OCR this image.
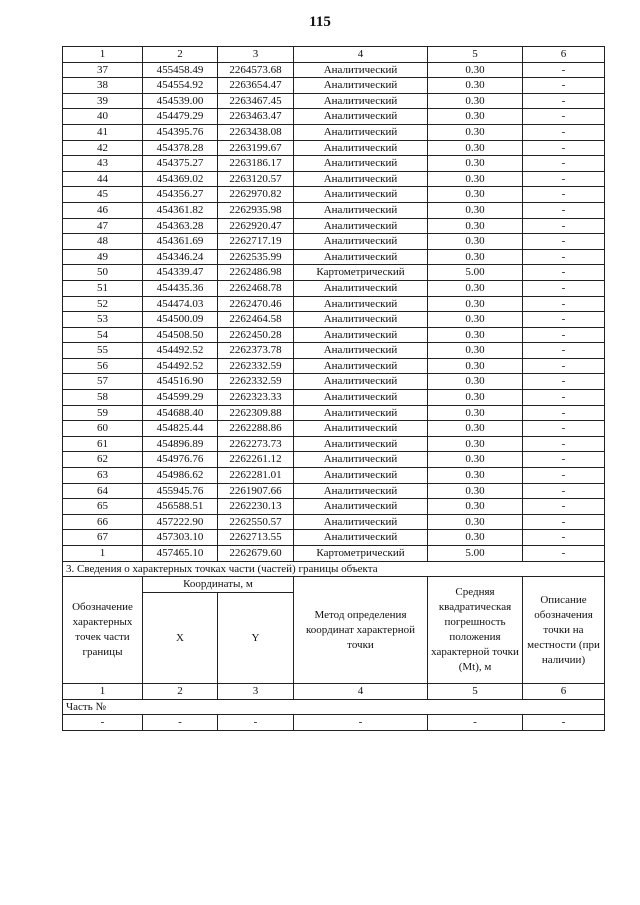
115
1	2	3	4	5	6
37	455458.49	2264573.68	Аналитический	0.30	-
38	454554.92	2263654.47	Аналитический	0.30	-
39	454539.00	2263467.45	Аналитический	0.30	-
40	454479.29	2263463.47	Аналитический	0.30	-
41	454395.76	2263438.08	Аналитический	0.30	-
42	454378.28	2263199.67	Аналитический	0.30	-
43	454375.27	2263186.17	Аналитический	0.30	-
44	454369.02	2263120.57	Аналитический	0.30	-
45	454356.27	2262970.82	Аналитический	0.30	-
46	454361.82	2262935.98	Аналитический	0.30	-
47	454363.28	2262920.47	Аналитический	0.30	-
48	454361.69	2262717.19	Аналитический	0.30	-
49	454346.24	2262535.99	Аналитический	0.30	-
50	454339.47	2262486.98	Картометрический	5.00	-
51	454435.36	2262468.78	Аналитический	0.30	-
52	454474.03	2262470.46	Аналитический	0.30	-
53	454500.09	2262464.58	Аналитический	0.30	-
54	454508.50	2262450.28	Аналитический	0.30	-
55	454492.52	2262373.78	Аналитический	0.30	-
56	454492.52	2262332.59	Аналитический	0.30	-
57	454516.90	2262332.59	Аналитический	0.30	-
58	454599.29	2262323.33	Аналитический	0.30	-
59	454688.40	2262309.88	Аналитический	0.30	-
60	454825.44	2262288.86	Аналитический	0.30	-
61	454896.89	2262273.73	Аналитический	0.30	-
62	454976.76	2262261.12	Аналитический	0.30	-
63	454986.62	2262281.01	Аналитический	0.30	-
64	455945.76	2261907.66	Аналитический	0.30	-
65	456588.51	2262230.13	Аналитический	0.30	-
66	457222.90	2262550.57	Аналитический	0.30	-
67	457303.10	2262713.55	Аналитический	0.30	-
1	457465.10	2262679.60	Картометрический	5.00	-
3. Сведения о характерных точках части (частей) границы объекта					
Обозначение характерных точек части границы	Координаты, м		Метод определения координат характерной точки	Средняя квадратическая погрешность положения характерной точки (Mt), м	Описание обозначения точки на местности (при наличии)
	X	Y			
1	2	3	4	5	6
Часть №					
-	-	-	-	-	-
